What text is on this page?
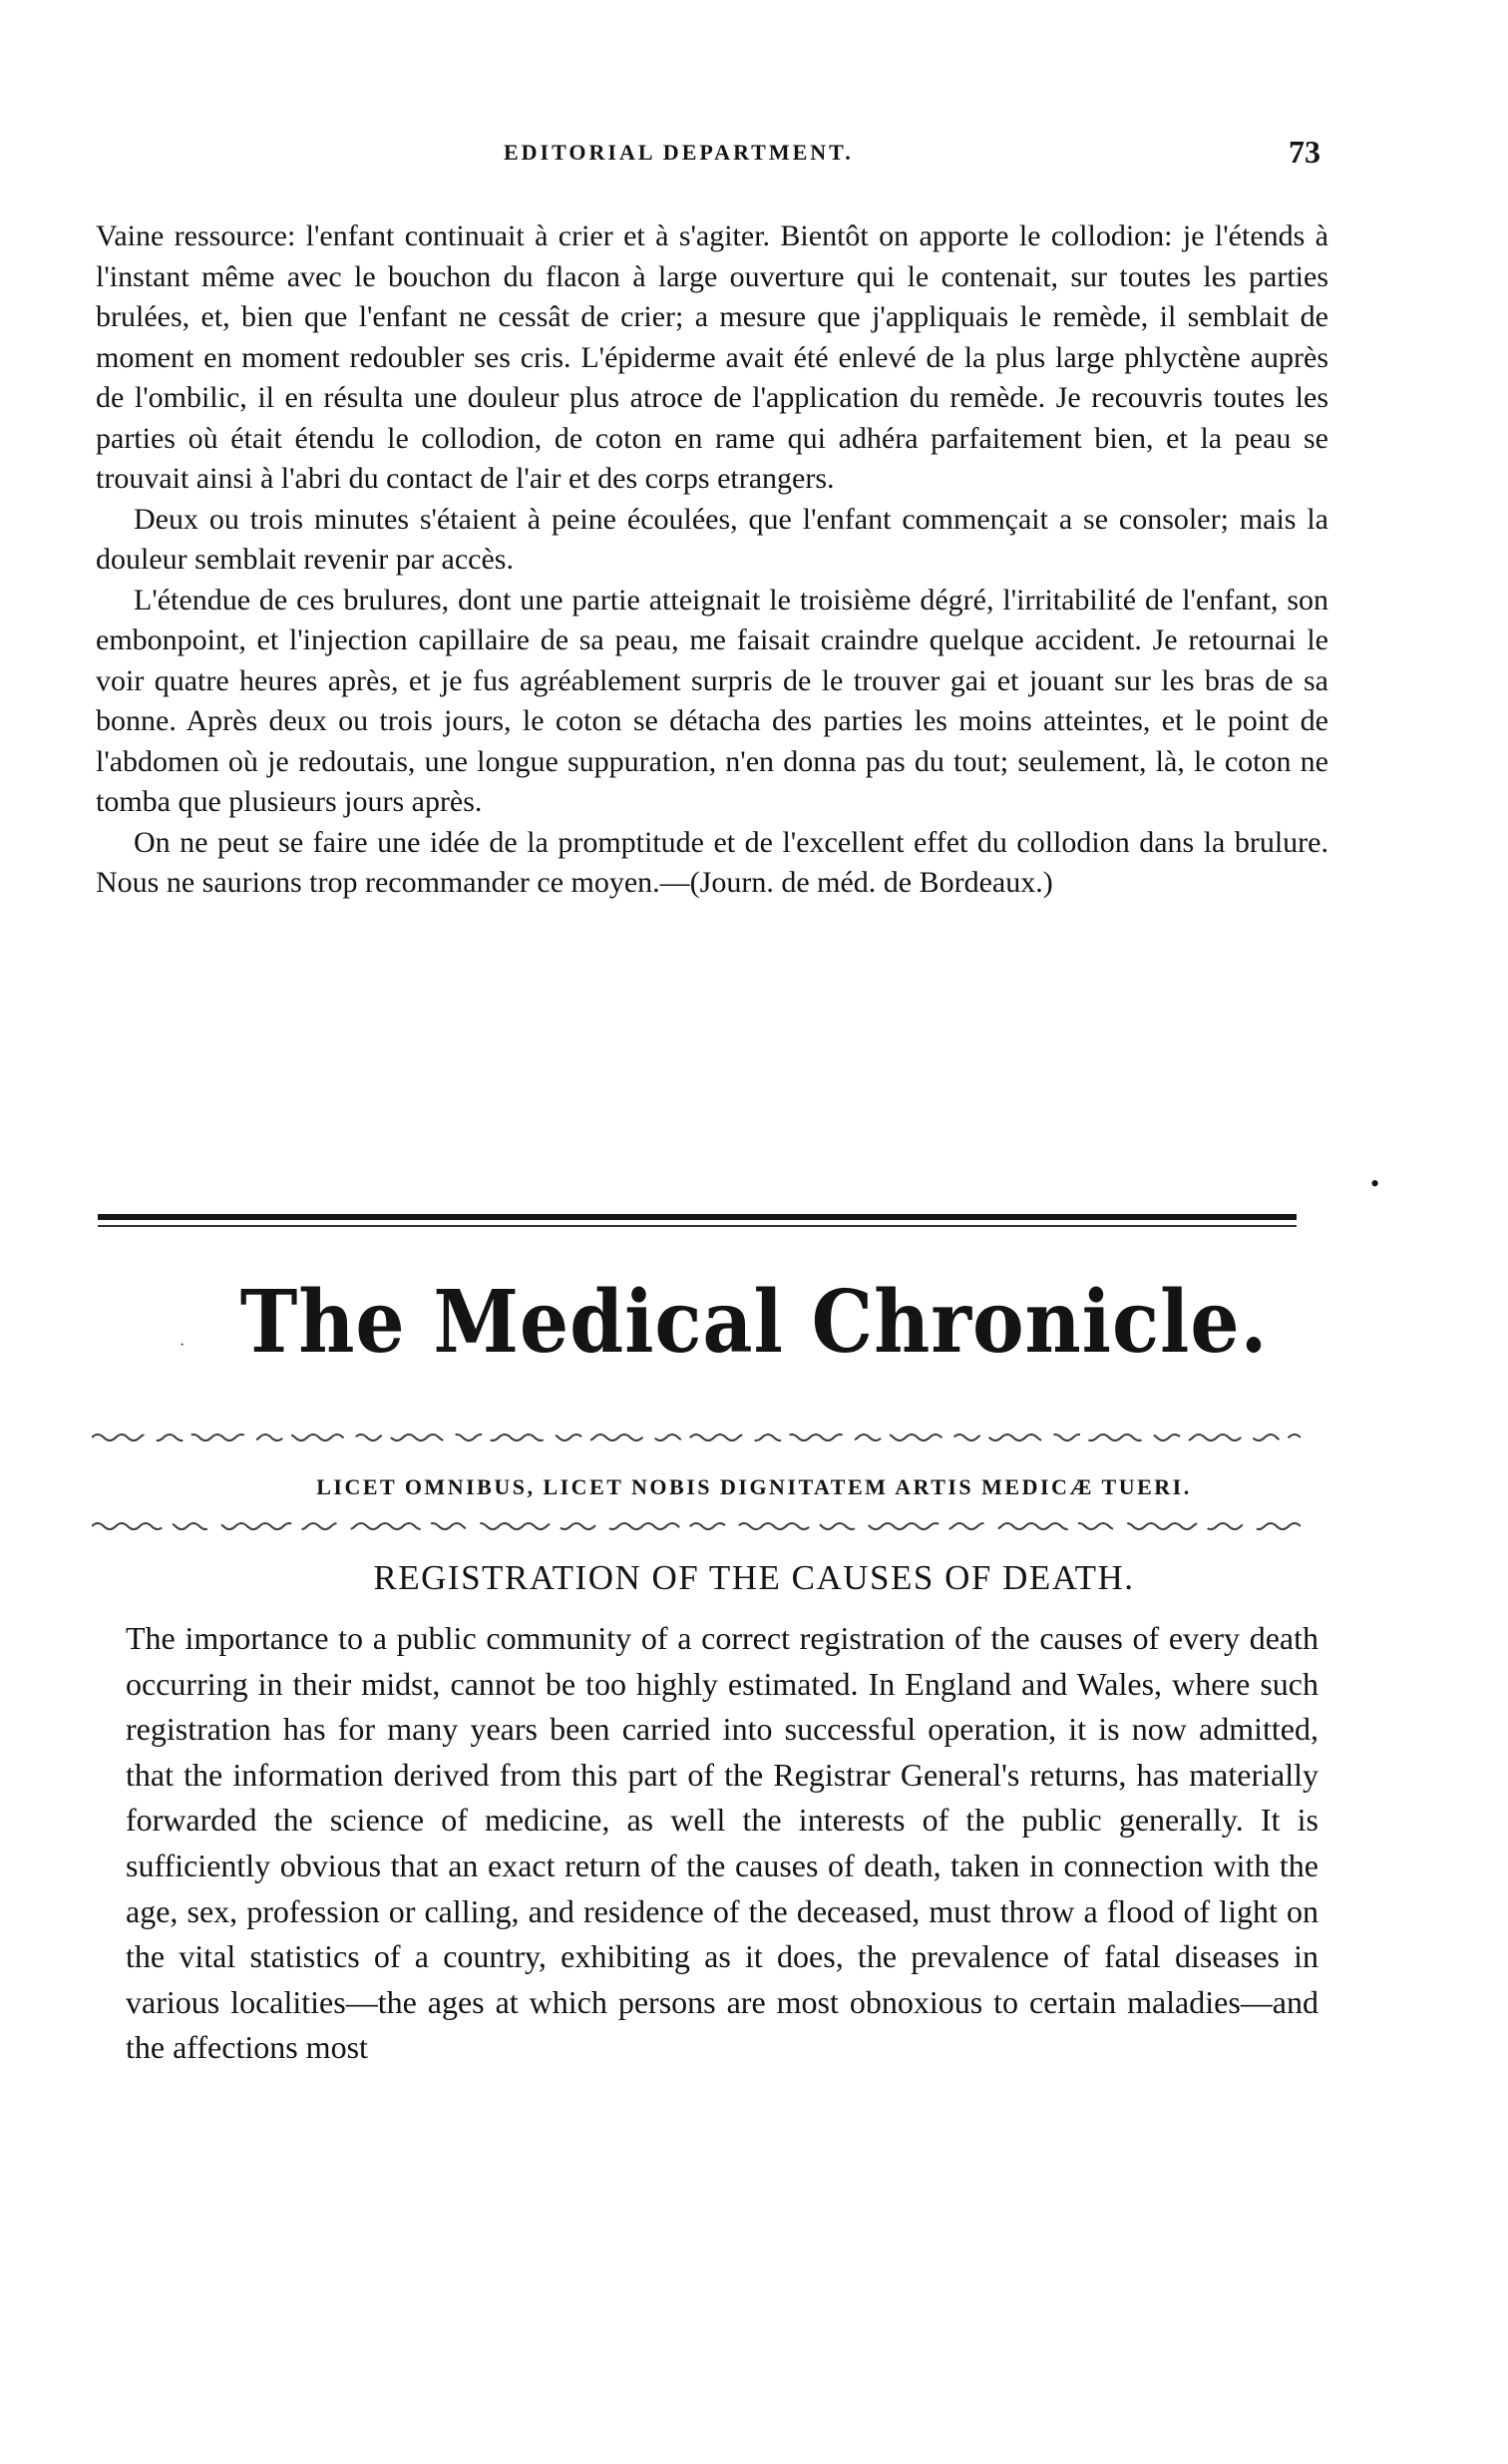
EDITORIAL DEPARTMENT.	73

Vaine ressource: l'enfant continuait à crier et à s'agiter. Bientôt on apporte le collodion: je l'étends à l'instant même avec le bouchon du flacon à large ouverture qui le contenait, sur toutes les parties brulées, et, bien que l'enfant ne cessât de crier; a mesure que j'appliquais le remède, il semblait de moment en moment redoubler ses cris. L'épiderme avait été enlevé de la plus large phlyctène auprès de l'ombilic, il en résulta une douleur plus atroce de l'application du remède. Je recouvris toutes les parties où était étendu le collodion, de coton en rame qui adhéra parfaitement bien, et la peau se trouvait ainsi à l'abri du contact de l'air et des corps etrangers.

Deux ou trois minutes s'étaient à peine écoulées, que l'enfant commençait a se consoler; mais la douleur semblait revenir par accès.

L'étendue de ces brulures, dont une partie atteignait le troisième dégré, l'irritabilité de l'enfant, son embonpoint, et l'injection capillaire de sa peau, me faisait craindre quelque accident. Je retournai le voir quatre heures après, et je fus agréablement surpris de le trouver gai et jouant sur les bras de sa bonne. Après deux ou trois jours, le coton se détacha des parties les moins atteintes, et le point de l'abdomen où je redoutais, une longue suppuration, n'en donna pas du tout; seulement, là, le coton ne tomba que plusieurs jours après.

On ne peut se faire une idée de la promptitude et de l'excellent effet du collodion dans la brulure. Nous ne saurions trop recommander ce moyen.—(Journ. de méd. de Bordeaux.)

•
· The Medical Chronicle.
LICET OMNIBUS, LICET NOBIS DIGNITATEM ARTIS MEDICÆ TUERI.
REGISTRATION OF THE CAUSES OF DEATH.

The importance to a public community of a correct registration of the causes of every death occurring in their midst, cannot be too highly estimated. In England and Wales, where such registration has for many years been carried into successful operation, it is now admitted, that the information derived from this part of the Registrar General's returns, has materially forwarded the science of medicine, as well the interests of the public generally. It is sufficiently obvious that an exact return of the causes of death, taken in connection with the age, sex, profession or calling, and residence of the deceased, must throw a flood of light on the vital statistics of a country, exhibiting as it does, the prevalence of fatal diseases in various localities—the ages at which persons are most obnoxious to certain maladies—and the affections most
